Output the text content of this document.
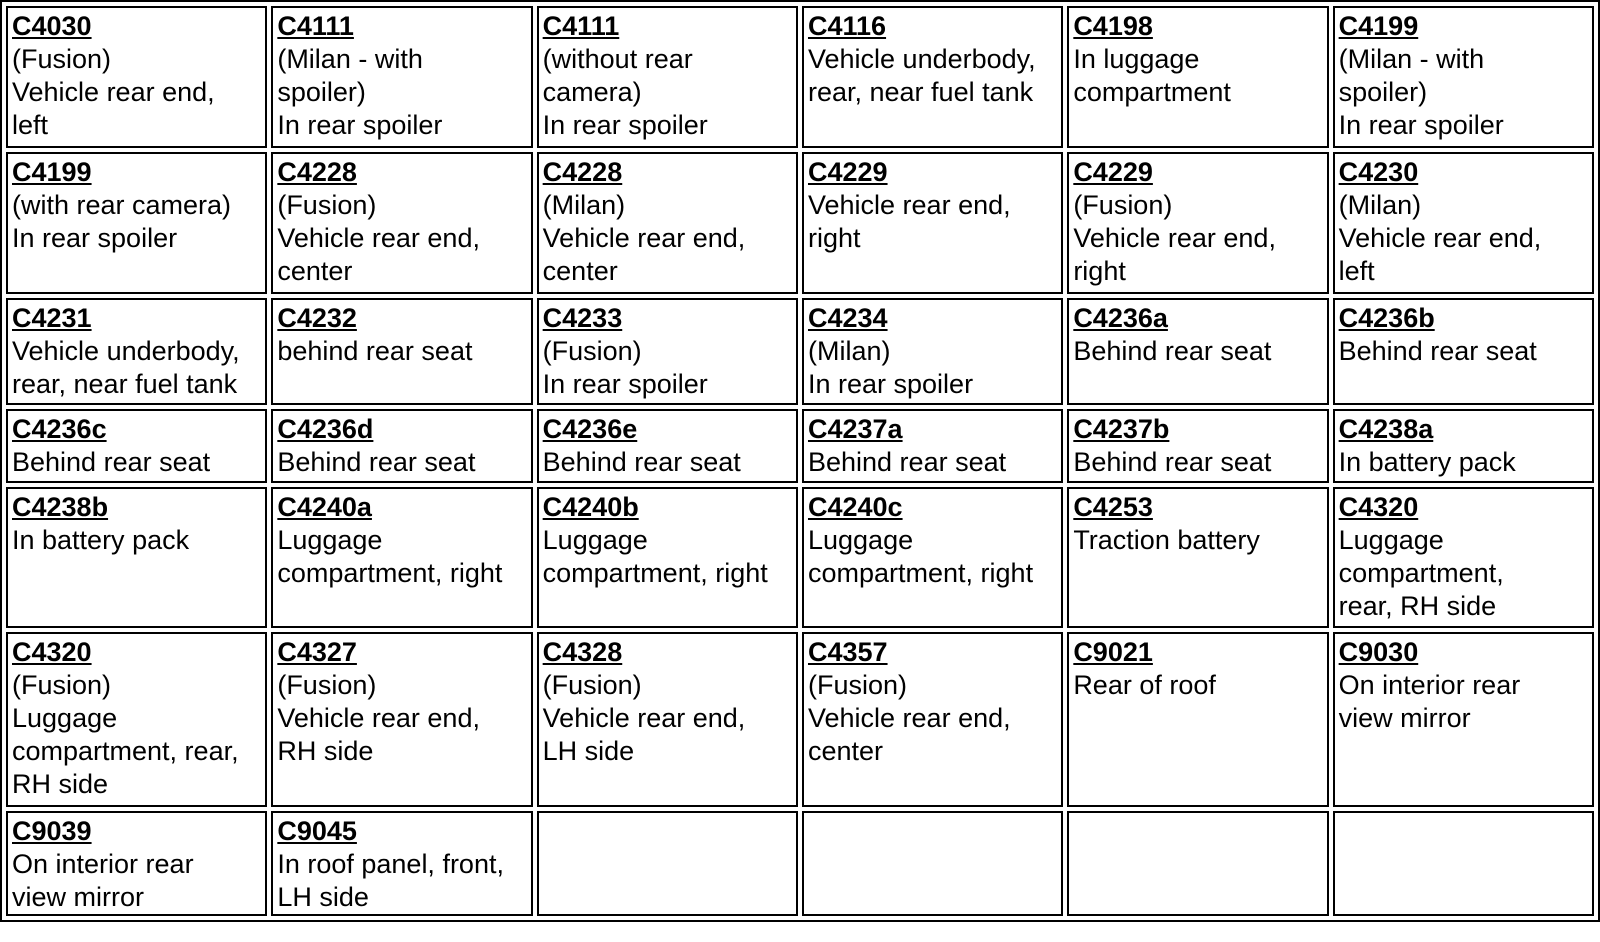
C4030
(Fusion)
Vehicle rear end,
left	C4111
(Milan - with
spoiler)
In rear spoiler	C4111
(without rear
camera)
In rear spoiler	C4116
Vehicle underbody,
rear, near fuel tank	C4198
In luggage
compartment	C4199
(Milan - with
spoiler)
In rear spoiler

C4199
(with rear camera)
In rear spoiler	C4228
(Fusion)
Vehicle rear end,
center	C4228
(Milan)
Vehicle rear end,
center	C4229
Vehicle rear end,
right	C4229
(Fusion)
Vehicle rear end,
right	C4230
(Milan)
Vehicle rear end,
left

C4231
Vehicle underbody,
rear, near fuel tank	C4232
behind rear seat	C4233
(Fusion)
In rear spoiler	C4234
(Milan)
In rear spoiler	C4236a
Behind rear seat	C4236b
Behind rear seat

C4236c
Behind rear seat	C4236d
Behind rear seat	C4236e
Behind rear seat	C4237a
Behind rear seat	C4237b
Behind rear seat	C4238a
In battery pack

C4238b
In battery pack	C4240a
Luggage
compartment, right	C4240b
Luggage
compartment, right	C4240c
Luggage
compartment, right	C4253
Traction battery	C4320
Luggage
compartment,
rear, RH side

C4320
(Fusion)
Luggage
compartment, rear,
RH side	C4327
(Fusion)
Vehicle rear end,
RH side	C4328
(Fusion)
Vehicle rear end,
LH side	C4357
(Fusion)
Vehicle rear end,
center	C9021
Rear of roof	C9030
On interior rear
view mirror

C9039
On interior rear
view mirror	C9045
In roof panel, front,
LH side				
